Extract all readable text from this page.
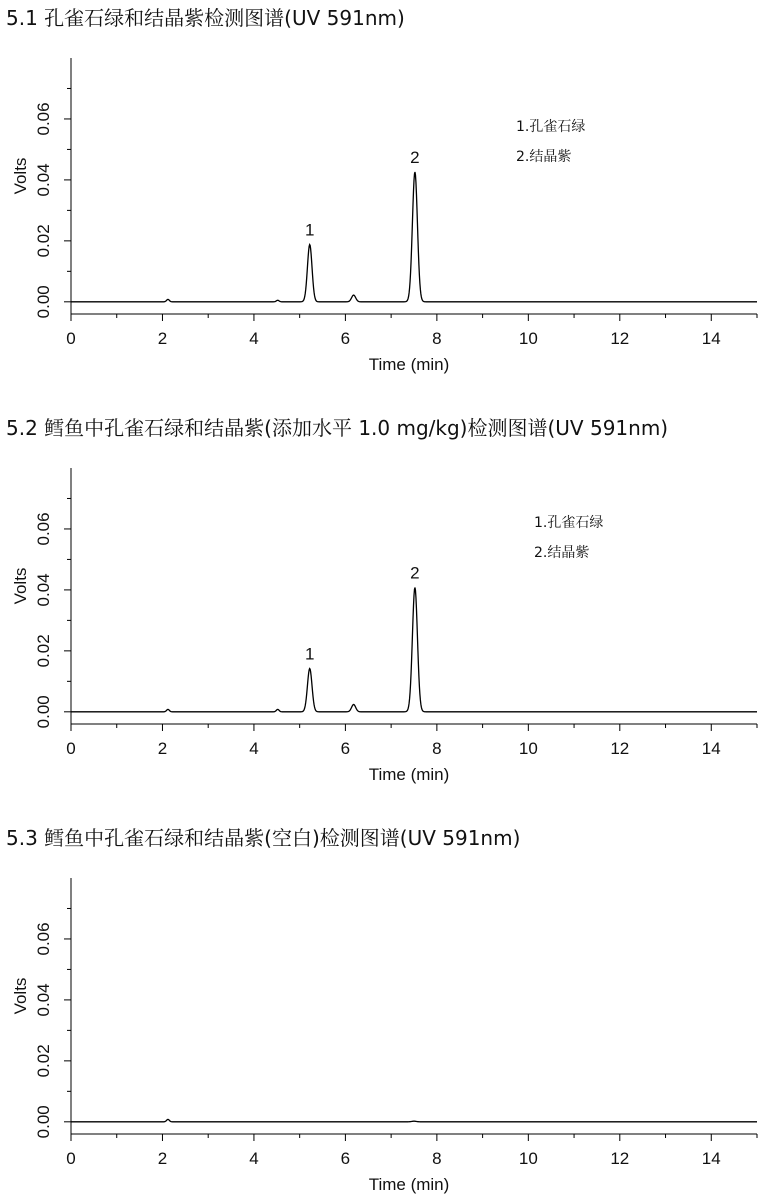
5.1 孔雀石绿和结晶紫检测图谱(UV 591nm)
0	2	4	6	8	10	12	14
0.00
0.02
0.04
0.06
Time (min)
Volts
1
2
1.孔雀石绿
2.结晶紫
5.2 鳕鱼中孔雀石绿和结晶紫(添加水平 1.0 mg/kg)检测图谱(UV 591nm)
0	2	4	6	8	10	12	14
0.00
0.02
0.04
0.06
Time (min)
Volts
1
2
1.孔雀石绿
2.结晶紫
5.3 鳕鱼中孔雀石绿和结晶紫(空白)检测图谱(UV 591nm)
0	2	4	6	8	10	12	14
0.00
0.02
0.04
0.06
Time (min)
Volts
